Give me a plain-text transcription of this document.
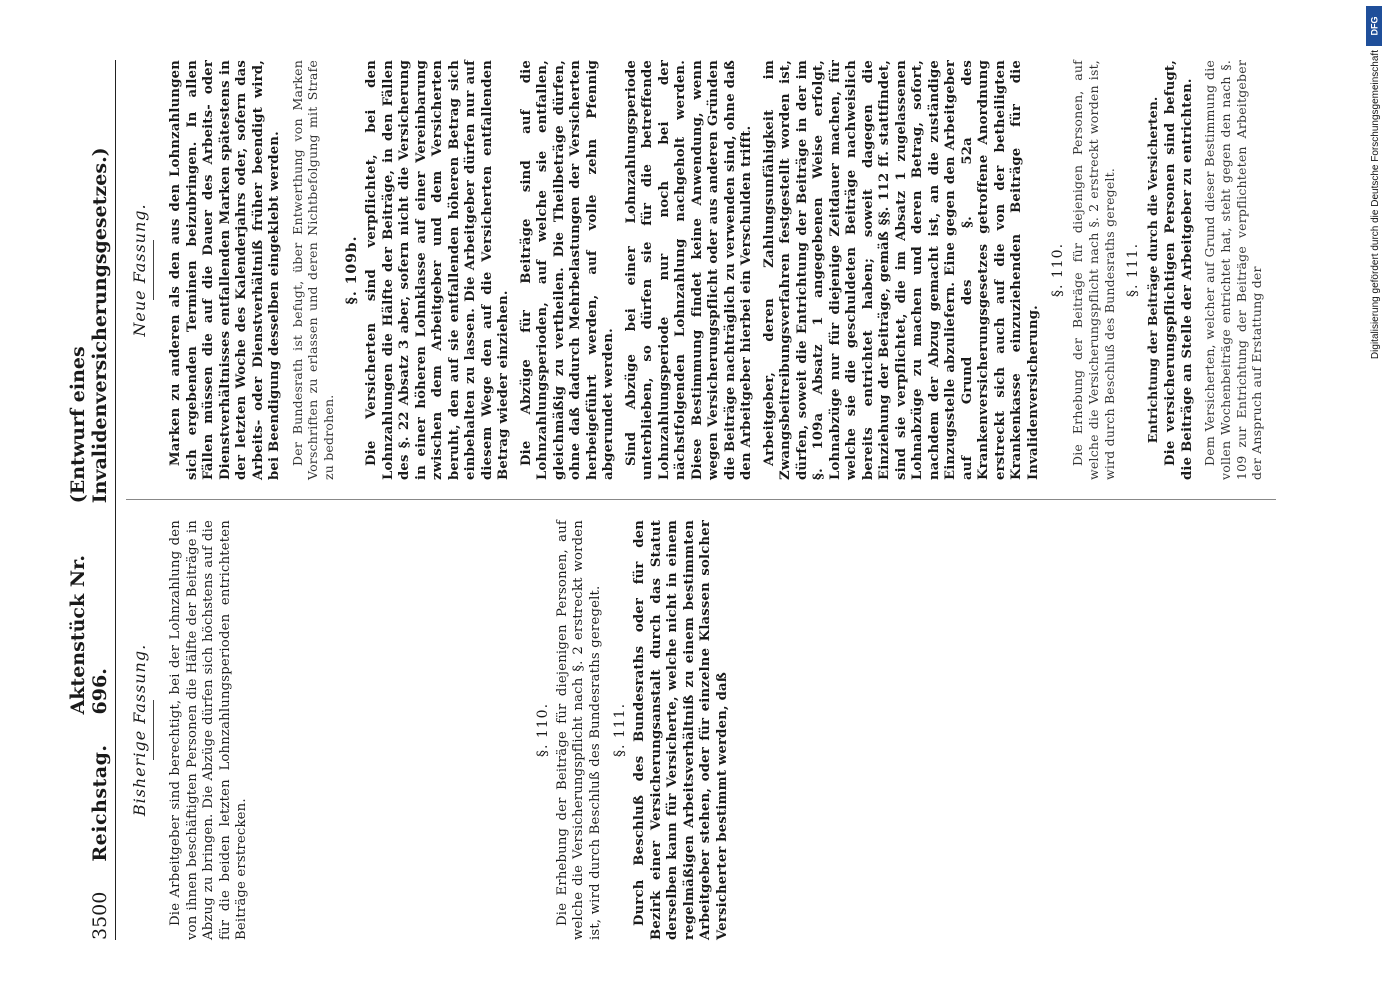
3500
Reichstag.
Aktenstück Nr. 696.
(Entwurf eines Invalidenversicherungsgesetzes.)
Bisherige Fassung.	Die Arbeitgeber sind berechtigt, bei der Lohnzahlung den von ihnen beschäftigten Personen die Hälfte der Beiträge in Abzug zu bringen. Die Abzüge dürfen sich höchstens auf die für die beiden letzten Lohnzahlungsperioden entrichteten Beiträge erstrecken.

§. 110. Die Erhebung der Beiträge für diejenigen Personen, auf welche die Versicherungspflicht nach §. 2 erstreckt worden ist, wird durch Beschluß des Bundesraths geregelt. §. 111. Durch Beschluß des Bundesraths oder für den Bezirk einer Versicherungsanstalt durch das Statut derselben kann für Versicherte, welche nicht in einem regelmäßigen Arbeitsverhältniß zu einem bestimmten Arbeitgeber stehen, oder für einzelne Klassen solcher Versicherter bestimmt werden, daß

Neue Fassung.	Marken zu anderen als den aus den Lohnzahlungen sich ergebenden Terminen beizubringen. In allen Fällen müssen die auf die Dauer des Arbeits- oder Dienstverhältnisses entfallenden Marken spätestens in der letzten Woche des Kalenderjahrs oder, sofern das Arbeits- oder Dienstverhältniß früher beendigt wird, bei Beendigung desselben eingeklebt werden. Der Bundesrath ist befugt, über Entwerthung von Marken Vorschriften zu erlassen und deren Nichtbefolgung mit Strafe zu bedrohen.

§. 109b. Die Versicherten sind verpflichtet, bei den Lohnzahlungen die Hälfte der Beiträge, in den Fällen des §. 22 Absatz 3 aber, sofern nicht die Versicherung in einer höheren Lohnklasse auf einer Vereinbarung zwischen dem Arbeitgeber und dem Versicherten beruht, den auf sie entfallenden höheren Betrag sich einbehalten zu lassen. Die Arbeitgeber dürfen nur auf diesem Wege den auf die Versicherten entfallenden Betrag wieder einziehen. Die Abzüge für Beiträge sind auf die Lohnzahlungsperioden, auf welche sie entfallen, gleichmäßig zu vertheilen. Die Theilbeträge dürfen, ohne daß dadurch Mehrbelastungen der Versicherten herbeigeführt werden, auf volle zehn Pfennig abgerundet werden. Sind Abzüge bei einer Lohnzahlungsperiode unterblieben, so dürfen sie für die betreffende Lohnzahlungsperiode nur noch bei der nächstfolgenden Lohnzahlung nachgeholt werden. Diese Bestimmung findet keine Anwendung, wenn wegen Versicherungspflicht oder aus anderen Gründen die Beiträge nachträglich zu verwenden sind, ohne daß den Arbeitgeber hierbei ein Verschulden trifft. Arbeitgeber, deren Zahlungsunfähigkeit im Zwangsbeitreibungsverfahren festgestellt worden ist, dürfen, soweit die Entrichtung der Beiträge in der im §. 109a Absatz 1 angegebenen Weise erfolgt, Lohnabzüge nur für diejenige Zeitdauer machen, für welche sie die geschuldeten Beiträge nachweislich bereits entrichtet haben; soweit dagegen die Einziehung der Beiträge, gemäß §§. 112 ff. stattfindet, sind sie verpflichtet, die im Absatz 1 zugelassenen Lohnabzüge zu machen und deren Betrag, sofort, nachdem der Abzug gemacht ist, an die zuständige Einzugsstelle abzuliefern. Eine gegen den Arbeitgeber auf Grund des §. 52a des Krankenversicherungsgesetzes getroffene Anordnung erstreckt sich auch auf die von der betheiligten Krankenkasse einzuziehenden Beiträge für die Invalidenversicherung.

§. 110. Die Erhebung der Beiträge für diejenigen Personen, auf welche die Versicherungspflicht nach §. 2 erstreckt worden ist, wird durch Beschluß des Bundesraths geregelt. §. 111. Entrichtung der Beiträge durch die Versicherten. Die versicherungspflichtigen Personen sind befugt, die Beiträge an Stelle der Arbeitgeber zu entrichten. Dem Versicherten, welcher auf Grund dieser Bestimmung die vollen Wochenbeiträge entrichtet hat, steht gegen den nach §. 109 zur Entrichtung der Beiträge verpflichteten Arbeitgeber der Anspruch auf Erstattung der

DFG
Digitalisierung gefördert durch die Deutsche Forschungsgemeinschaft
